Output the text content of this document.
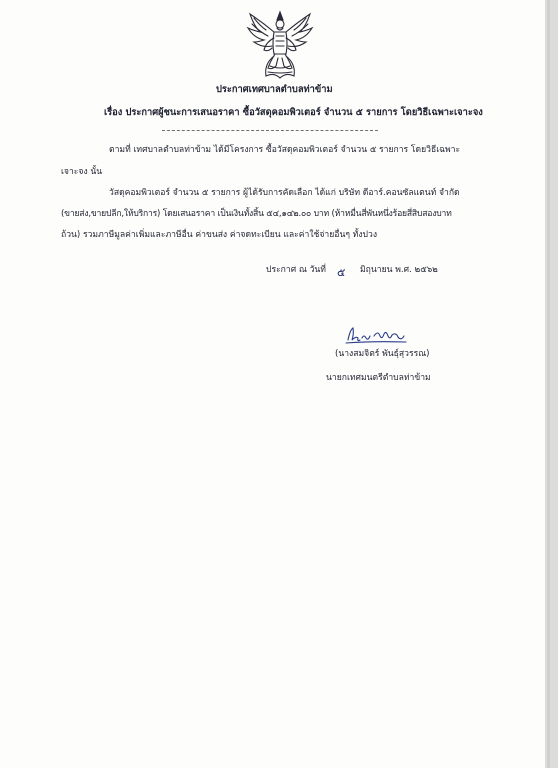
ประกาศเทศบาลตำบลท่าข้าม
เรื่อง ประกาศผู้ชนะการเสนอราคา ซื้อวัสดุคอมพิวเตอร์ จำนวน ๕ รายการ โดยวิธีเฉพาะเจาะจง
ตามที่ เทศบาลตำบลท่าข้าม ได้มีโครงการ ซื้อวัสดุคอมพิวเตอร์ จำนวน ๕ รายการ โดยวิธีเฉพาะ
เจาะจง นั้น
วัสดุคอมพิวเตอร์ จำนวน ๕ รายการ ผู้ได้รับการคัดเลือก ได้แก่ บริษัท ดีอาร์.คอนซัลแตนท์ จำกัด
(ขายส่ง,ขายปลีก,ให้บริการ) โดยเสนอราคา เป็นเงินทั้งสิ้น ๕๔,๑๔๒.๐๐ บาท (ห้าหมื่นสี่พันหนึ่งร้อยสี่สิบสองบาท
ถ้วน) รวมภาษีมูลค่าเพิ่มและภาษีอื่น ค่าขนส่ง ค่าจดทะเบียน และค่าใช้จ่ายอื่นๆ ทั้งปวง
ประกาศ ณ วันที่ ๕ มิถุนายน พ.ศ. ๒๕๖๒
(นางสมจิตร์ พันธุ์สุวรรณ)
นายกเทศมนตรีตำบลท่าข้าม
